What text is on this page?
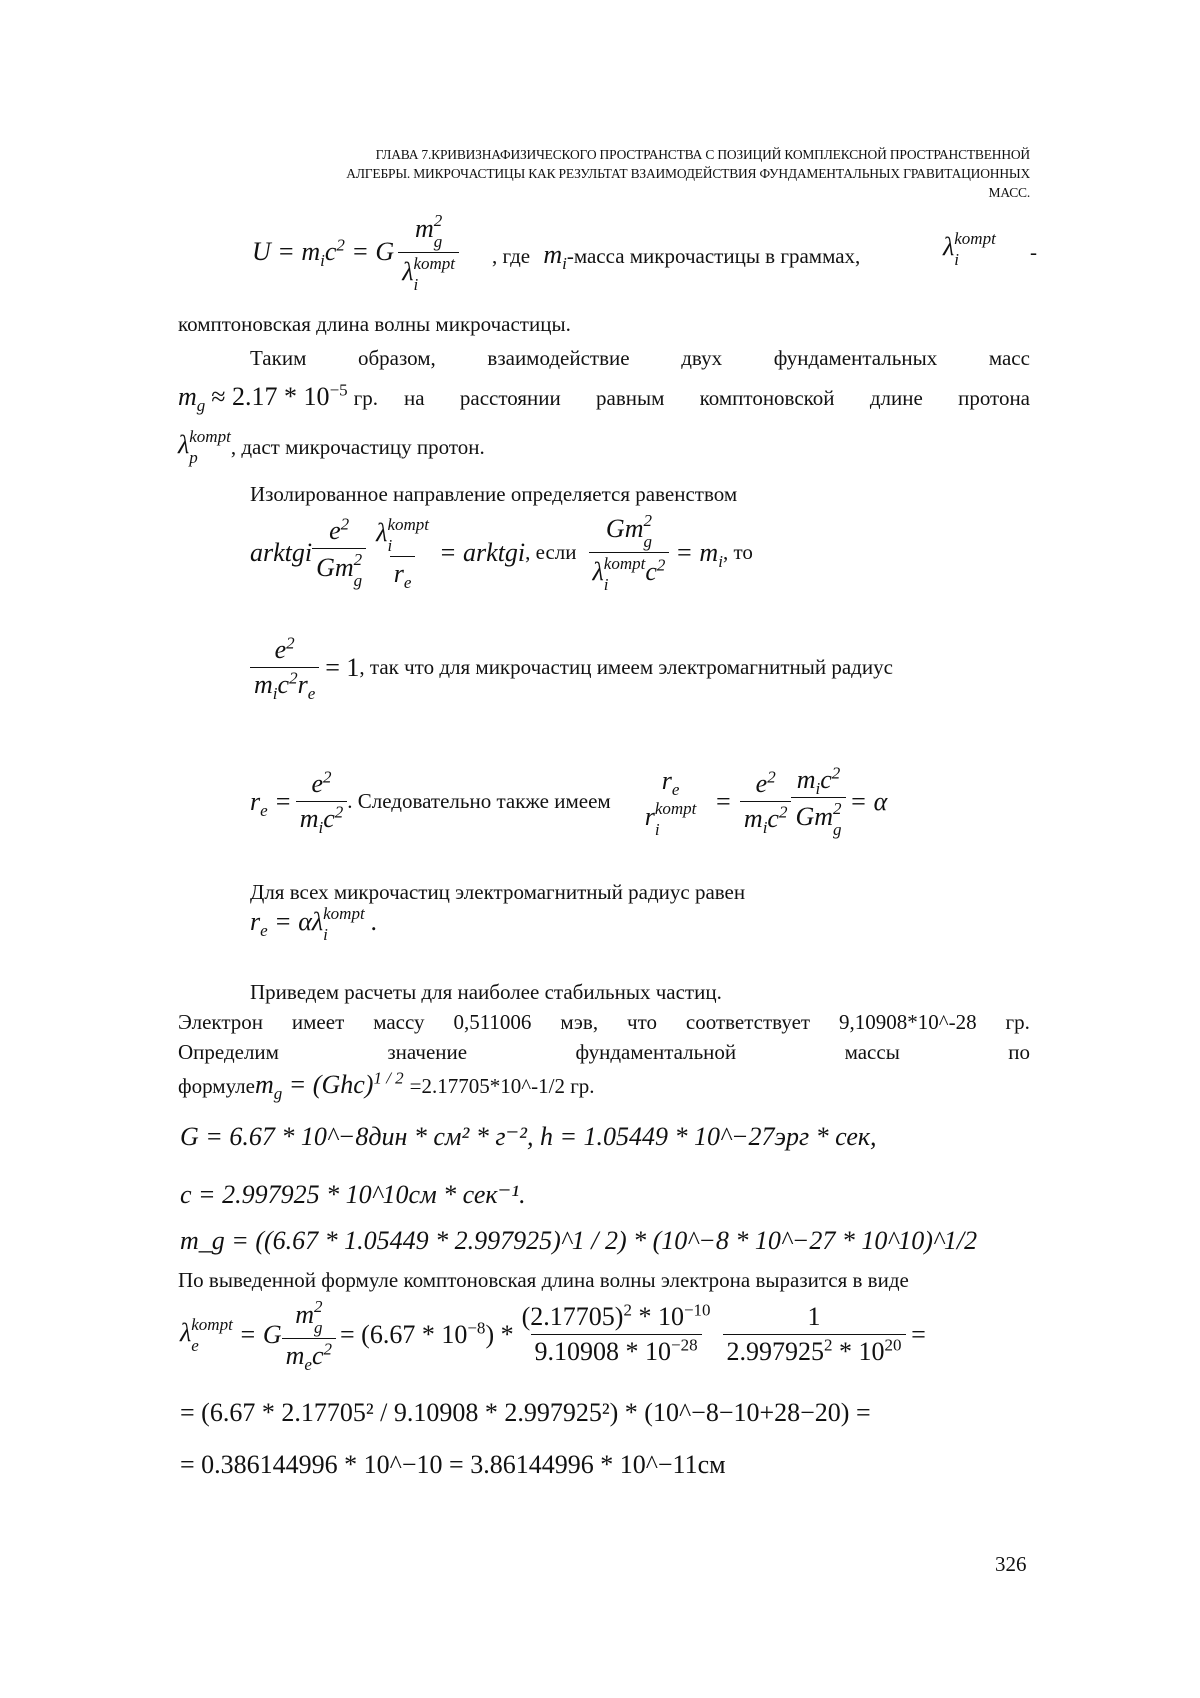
ГЛАВА 7.КРИВИЗНАФИЗИЧЕСКОГО ПРОСТРАНСТВА С ПОЗИЦИЙ КОМПЛЕКСНОЙ ПРОСТРАНСТВЕННОЙ
АЛГЕБРЫ. МИКРОЧАСТИЦЫ КАК РЕЗУЛЬТАТ ВЗАИМОДЕЙСТВИЯ ФУНДАМЕНТАЛЬНЫХ ГРАВИТАЦИОННЫХ
МАСС.
$U = m_ic^2 = G$ m 2
g
λ kompt
i , где $m_i$-масса микрочастицы в граммах,	λ kompt
i	-
комптоновская длина волны микрочастицы.
Таким образом, взаимодействие двух фундаментальных масс
$m_g \approx 2.17 * 10^{-5}$ гр. на расстоянии равным комптоновской длине протона
λ kompt
p	, даст микрочастицу протон.
Изолированное направление определяется равенством
arktgi $e^2$
Gm 2
g λ kompt
i
$r_e$ = arktgi , если Gm 2
g
λ kompt
i	$c^2 = m_i$ , то
$\frac{e^2}{m_ic^2r_e} = 1$ , так что для микрочастиц имеем электромагнитный радиус
$r_e = \frac{e^2}{m_ic^2}$ . Следовательно также имеем
$r_e$
r kompt
i
= $\frac{e^2}{m_ic^2} m_ic^2$
Gm 2
g = α
Для всех микрочастиц электромагнитный радиус равен
$r_e = \alpha\lambda$ kompt
i	.
Приведем расчеты для наиболее стабильных частиц.
Электрон имеет массу 0,511006 мэв, что соответствует 9,10908*10^-28 гр.
Определим	значение	фундаментальной	массы	по
формуле $m_g = (Ghc)^{1 / 2}$ =2.17705*10^-1/2 гр.
G = 6.67 * 10^−8дин * см² * г⁻², h = 1.05449 * 10^−27эрг * сек,
c = 2.997925 * 10^10см * сек⁻¹.
m_g = ((6.67 * 1.05449 * 2.997925)^1 / 2) * (10^−8 * 10^−27 * 10^10)^1/2
По выведенной формуле комптоновская длина волны электрона выразится в виде
λ kompt
e	= G m 2
g
$m_ec^2 = (6.67 * 10^{-8}) * \frac{(2.17705)^2 * 10^{-10}}{9.10908 * 10^{-28}} \frac{1}{2.997925^2 * 10^{20}}$ =
= (6.67 * 2.17705² / 9.10908 * 2.997925²) * (10^−8−10+28−20) =
= 0.386144996 * 10^−10 = 3.86144996 * 10^−11см
326
